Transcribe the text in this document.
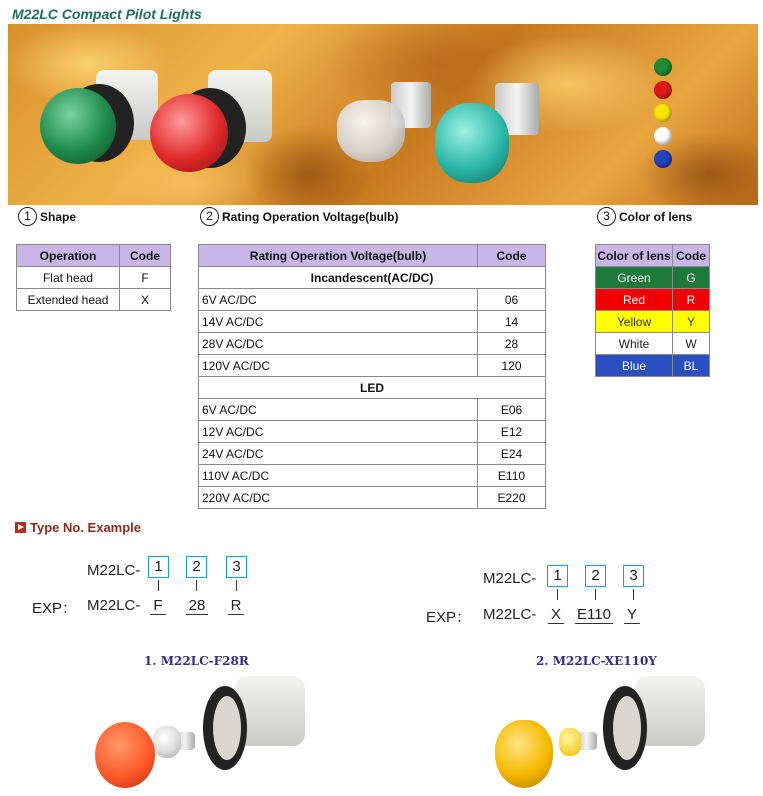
M22LC Compact Pilot Lights
1 Shape	2 Rating Operation Voltage(bulb)	3 Color of lens
Operation	Code
Flat head	F
Extended head	X
Rating Operation Voltage(bulb)	Code
Incandescent(AC/DC)	
6V AC/DC	06
14V AC/DC	14
28V AC/DC	28
120V AC/DC	120
LED	
6V AC/DC	E06
12V AC/DC	E12
24V AC/DC	E24
110V AC/DC	E110
220V AC/DC	E220
Color of lens	Code
Green	G
Red	R
Yellow	Y
White	W
Blue	BL
Type No. Example
M22LC- 1	2	3
EXP： M22LC- F 28 R
M22LC-	1	2	3
EXP： M22LC- X E110 Y
1. M22LC-F28R	2. M22LC-XE110Y
